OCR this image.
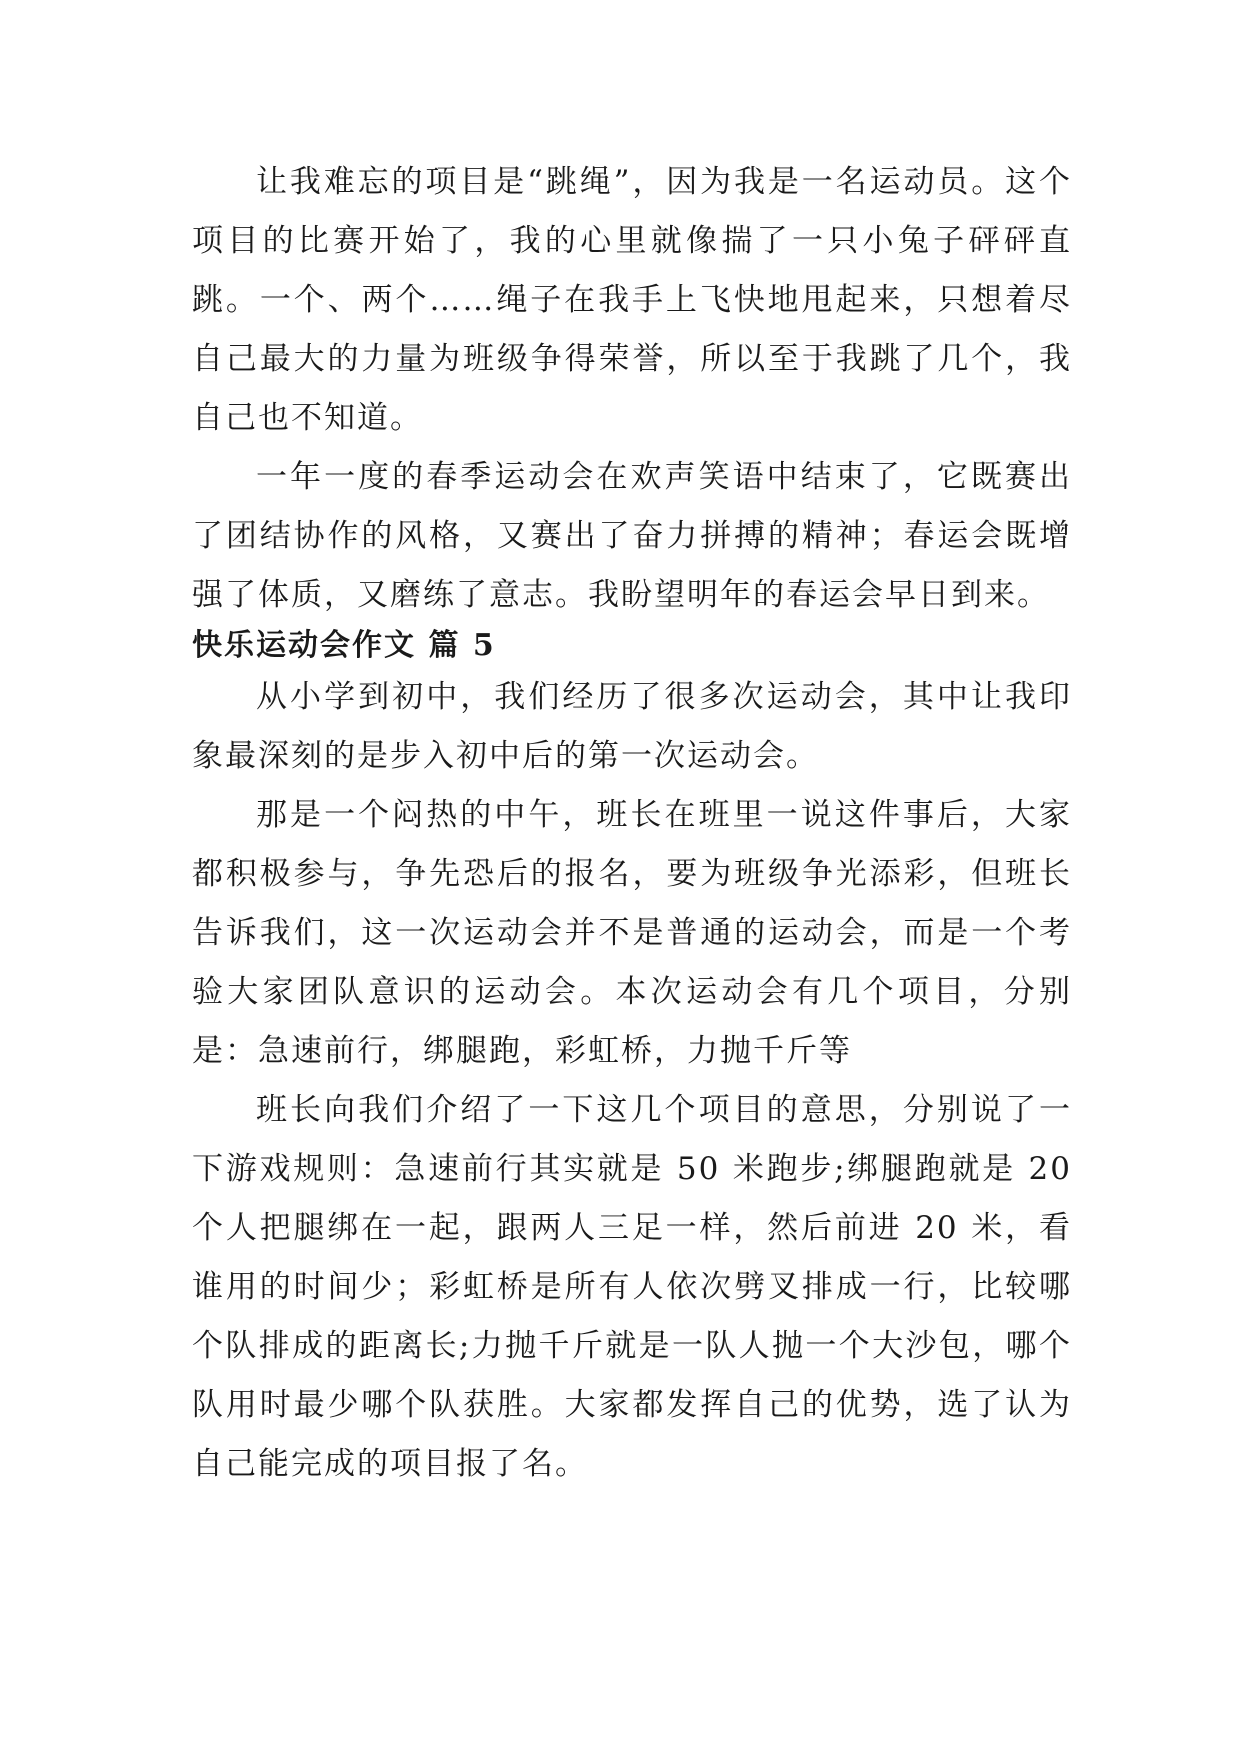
让我难忘的项目是“跳绳”，因为我是一名运动员。这个项目的比赛开始了，我的心里就像揣了一只小兔子砰砰直跳。一个、两个……绳子在我手上飞快地甩起来，只想着尽自己最大的力量为班级争得荣誉，所以至于我跳了几个，我自己也不知道。

一年一度的春季运动会在欢声笑语中结束了，它既赛出了团结协作的风格，又赛出了奋力拼搏的精神；春运会既增强了体质，又磨练了意志。我盼望明年的春运会早日到来。

快乐运动会作文 篇 5

从小学到初中，我们经历了很多次运动会，其中让我印象最深刻的是步入初中后的第一次运动会。

那是一个闷热的中午，班长在班里一说这件事后，大家都积极参与，争先恐后的报名，要为班级争光添彩，但班长告诉我们，这一次运动会并不是普通的运动会，而是一个考验大家团队意识的运动会。本次运动会有几个项目，分别是：急速前行，绑腿跑，彩虹桥，力抛千斤等

班长向我们介绍了一下这几个项目的意思，分别说了一下游戏规则：急速前行其实就是 50 米跑步;绑腿跑就是 20 个人把腿绑在一起，跟两人三足一样，然后前进 20 米，看谁用的时间少；彩虹桥是所有人依次劈叉排成一行，比较哪个队排成的距离长;力抛千斤就是一队人抛一个大沙包，哪个队用时最少哪个队获胜。大家都发挥自己的优势，选了认为自己能完成的项目报了名。
